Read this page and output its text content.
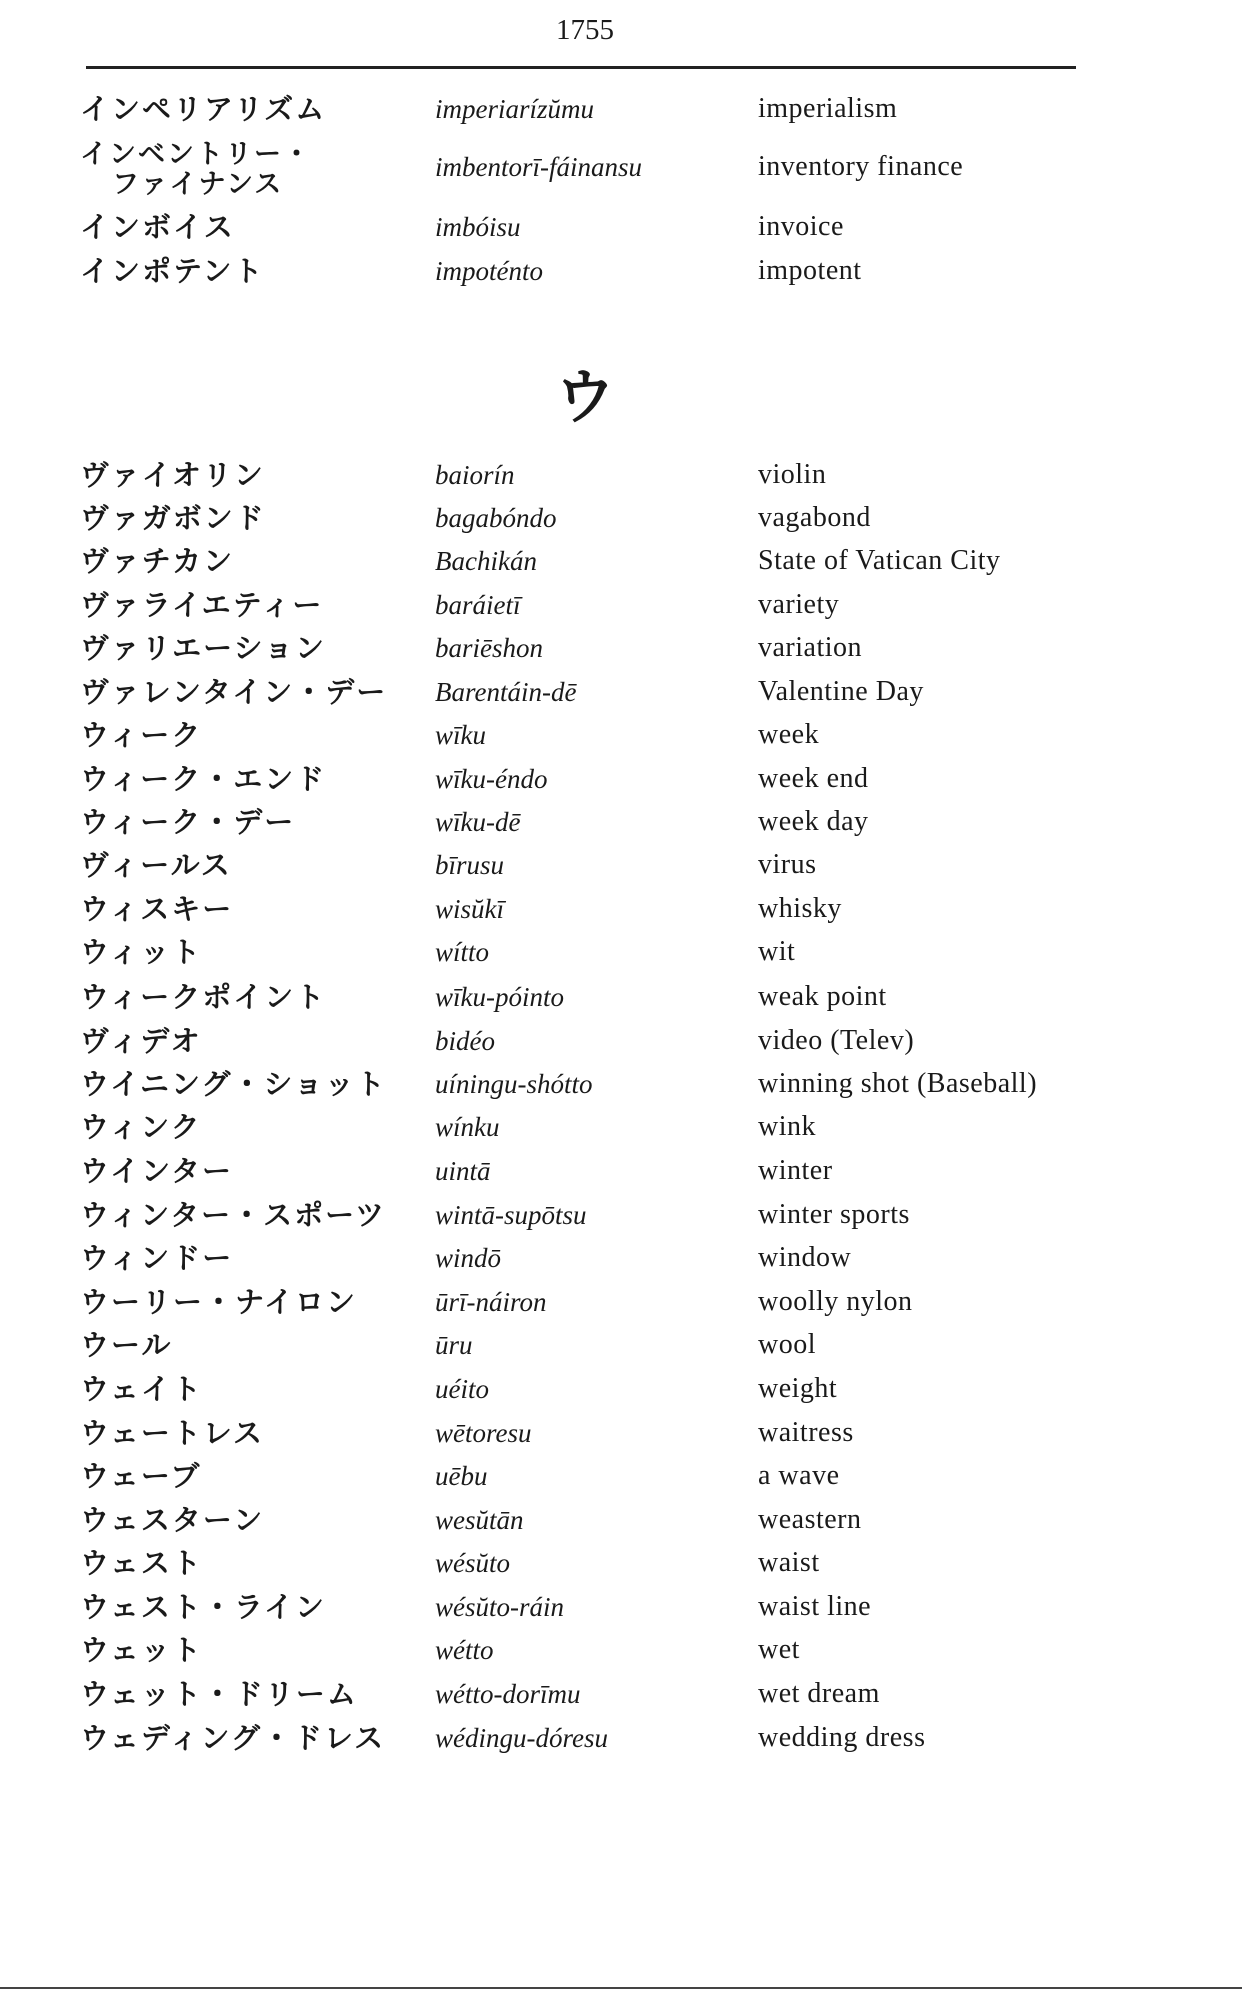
1755
インペリアリズム	imperiarízŭmu	imperialism
インベントリー・
ファイナンス
imbentorī-fáinansu	inventory finance
インボイス	imbóisu	invoice
インポテント	impoténto	impotent
ウ
ヴァイオリン	baiorín	violin
ヴァガボンド	bagabóndo	vagabond
ヴァチカン	Bachikán	State of Vatican City
ヴァライエティー	baráietī	variety
ヴァリエーション	bariēshon	variation
ヴァレンタイン・デー Barentáin-dē	Valentine Day
ウィーク	wīku	week
ウィーク・エンド	wīku-éndo	week end
ウィーク・デー	wīku-dē	week day
ヴィールス	bīrusu	virus
ウィスキー	wisŭkī	whisky
ウィット	wítto	wit
ウィークポイント	wīku-póinto	weak point
ヴィデオ	bidéo	video (Telev)
ウイニング・ショット uíningu-shótto	winning shot (Baseball)
ウィンク	wínku	wink
ウインター	uintā	winter
ウィンター・スポーツ wintā-supōtsu	winter sports
ウィンドー	windō	window
ウーリー・ナイロン	ūrī-náiron	woolly nylon
ウール	ūru	wool
ウェイト	uéito	weight
ウェートレス	wētoresu	waitress
ウェーブ	uēbu	a wave
ウェスターン	wesŭtān	weastern
ウェスト	wésŭto	waist
ウェスト・ライン	wésŭto-ráin	waist line
ウェット	wétto	wet
ウェット・ドリーム	wétto-dorīmu	wet dream
ウェディング・ドレス wédingu-dóresu	wedding dress
